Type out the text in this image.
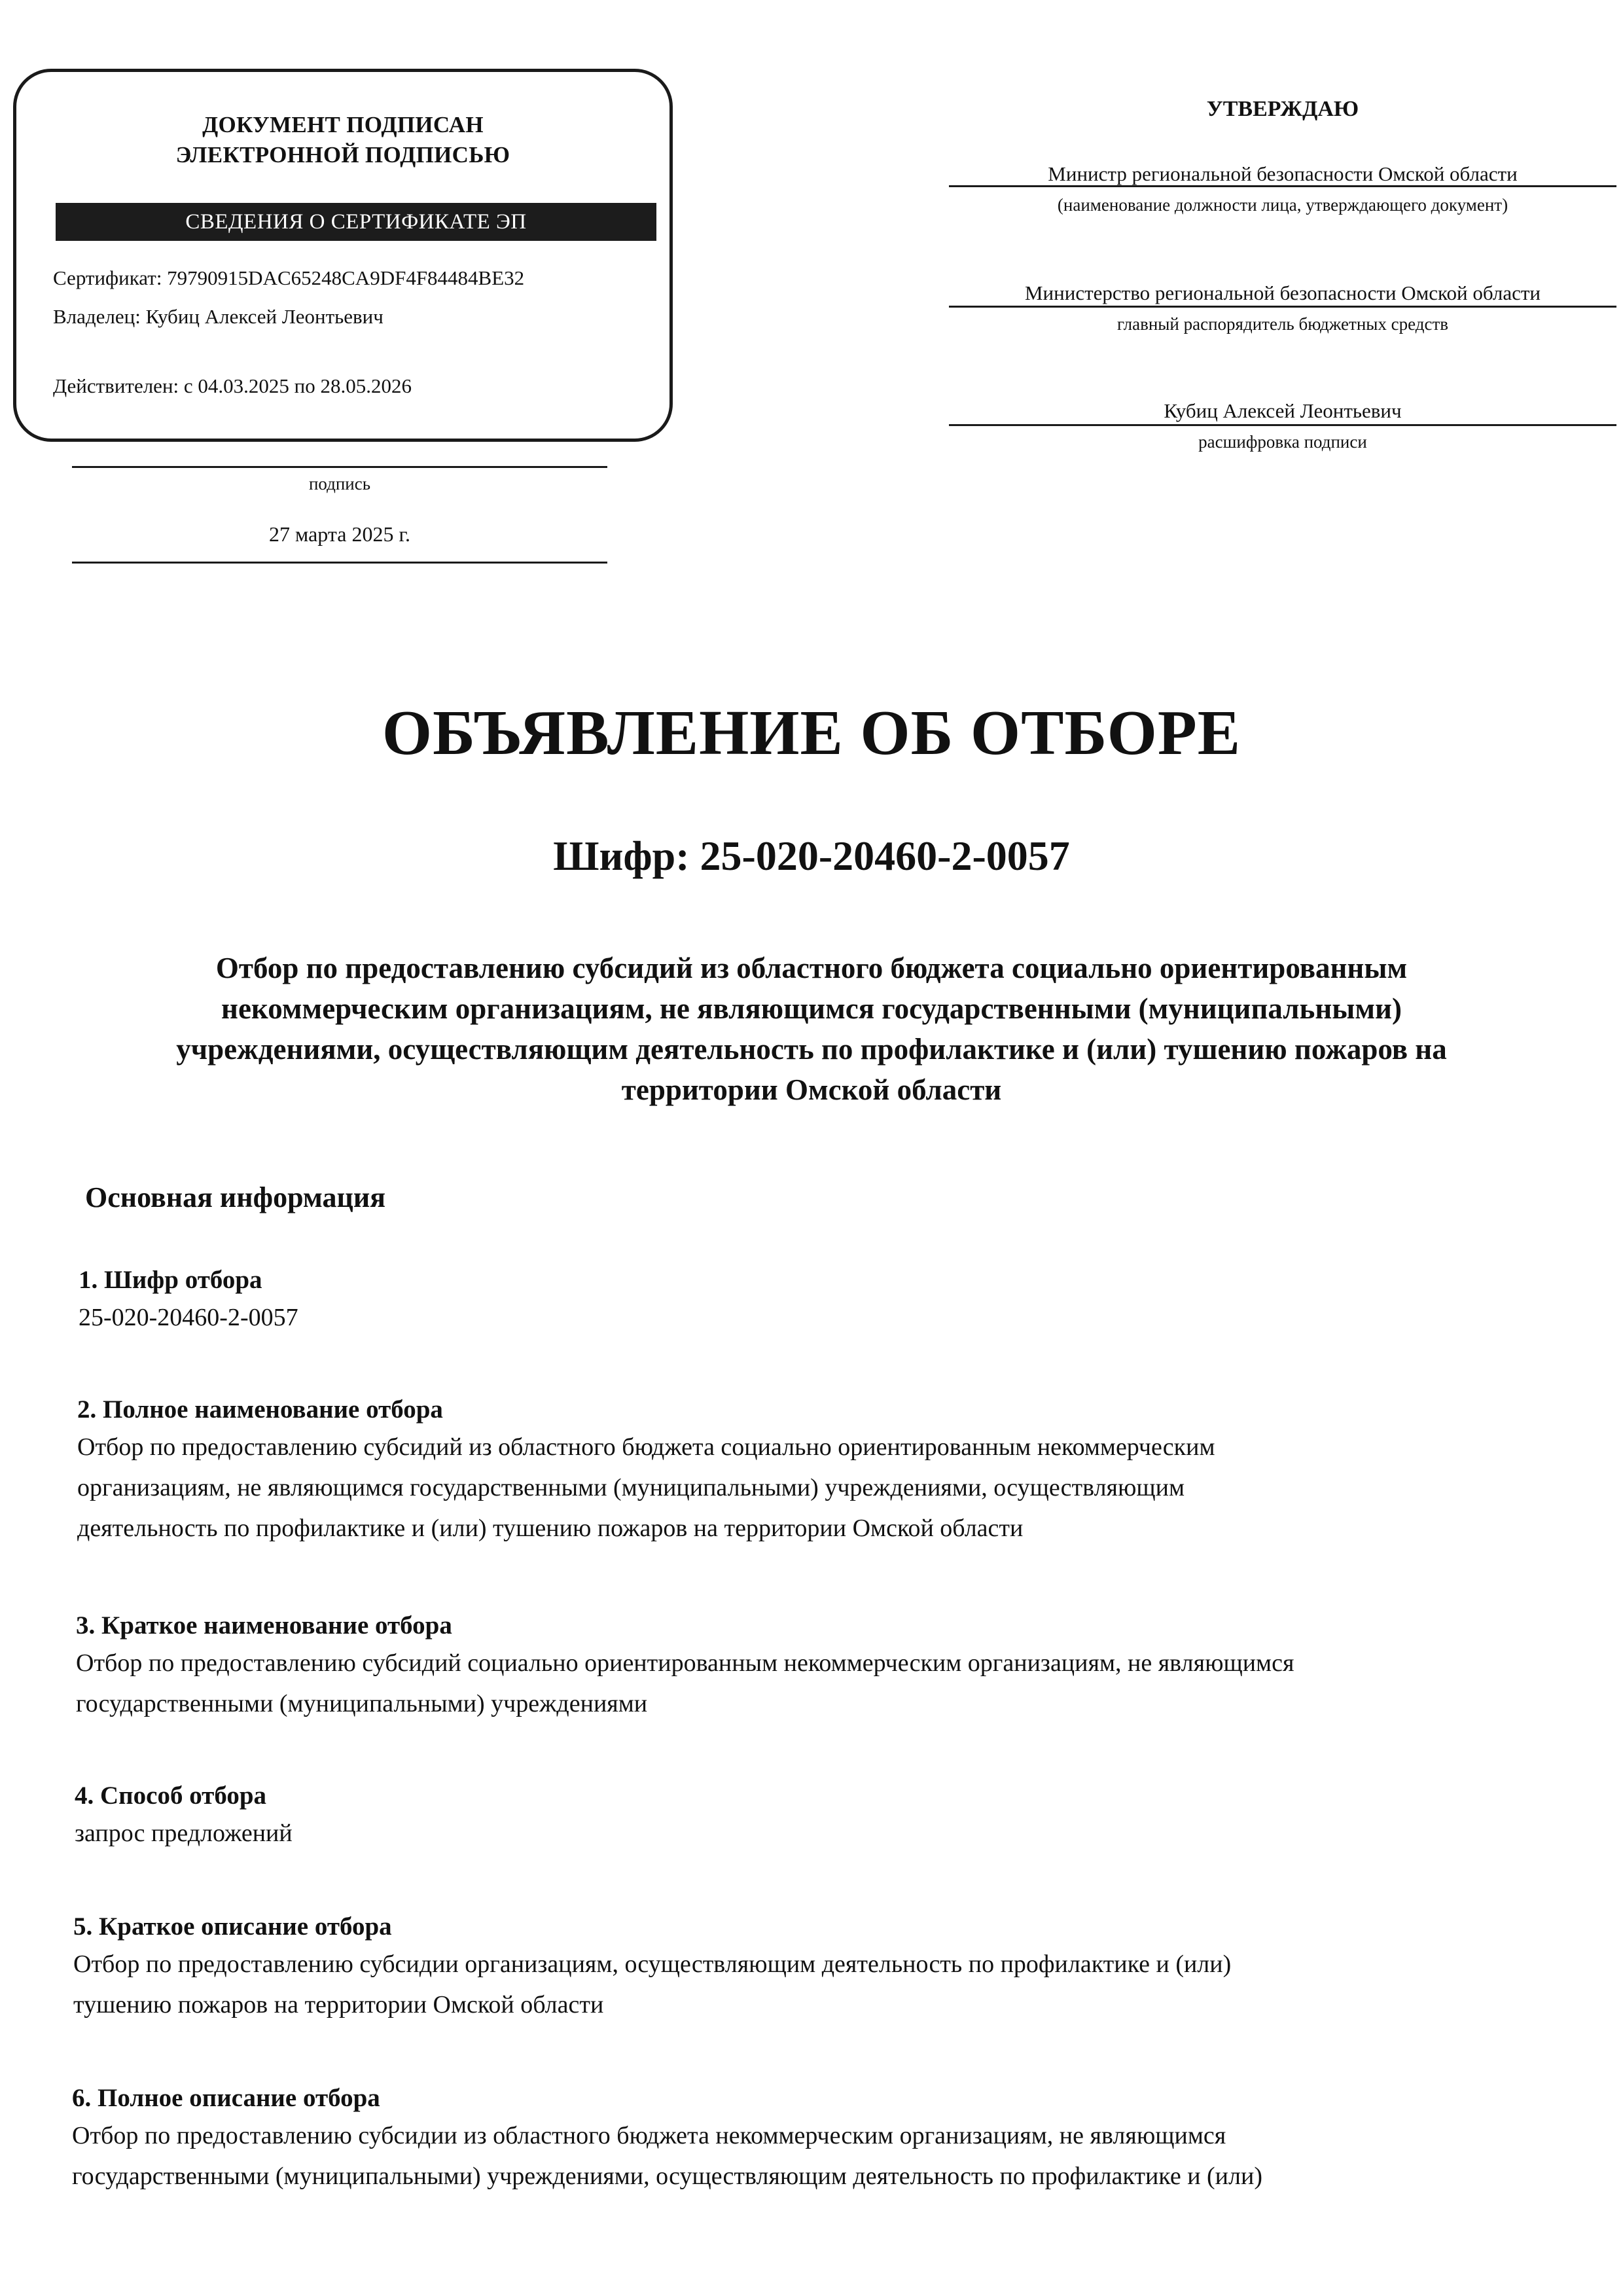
ДОКУМЕНТ ПОДПИСАН
ЭЛЕКТРОННОЙ ПОДПИСЬЮ
СВЕДЕНИЯ О СЕРТИФИКАТЕ ЭП
Сертификат: 79790915DAC65248CA9DF4F84484BE32
Владелец: Кубиц Алексей Леонтьевич
Действителен: с 04.03.2025 по 28.05.2026
подпись
27 марта 2025 г.
УТВЕРЖДАЮ
Министр региональной безопасности Омской области
(наименование должности лица, утверждающего документ)
Министерство региональной безопасности Омской области
главный распорядитель бюджетных средств
Кубиц Алексей Леонтьевич
расшифровка подписи
ОБЪЯВЛЕНИЕ ОБ ОТБОРЕ
Шифр: 25-020-20460-2-0057
Отбор по предоставлению субсидий из областного бюджета социально ориентированным
некоммерческим организациям, не являющимся государственными (муниципальными)
учреждениями, осуществляющим деятельность по профилактике и (или) тушению пожаров на
территории Омской области
Основная информация
1. Шифр отбора
25-020-20460-2-0057
2. Полное наименование отбора
Отбор по предоставлению субсидий из областного бюджета социально ориентированным некоммерческим
организациям, не являющимся государственными (муниципальными) учреждениями, осуществляющим
деятельность по профилактике и (или) тушению пожаров на территории Омской области
3. Краткое наименование отбора
Отбор по предоставлению субсидий социально ориентированным некоммерческим организациям, не являющимся
государственными (муниципальными) учреждениями
4. Способ отбора
запрос предложений
5. Краткое описание отбора
Отбор по предоставлению субсидии организациям, осуществляющим деятельность по профилактике и (или)
тушению пожаров на территории Омской области
6. Полное описание отбора
Отбор по предоставлению субсидии из областного бюджета некоммерческим организациям, не являющимся
государственными (муниципальными) учреждениями, осуществляющим деятельность по профилактике и (или)
